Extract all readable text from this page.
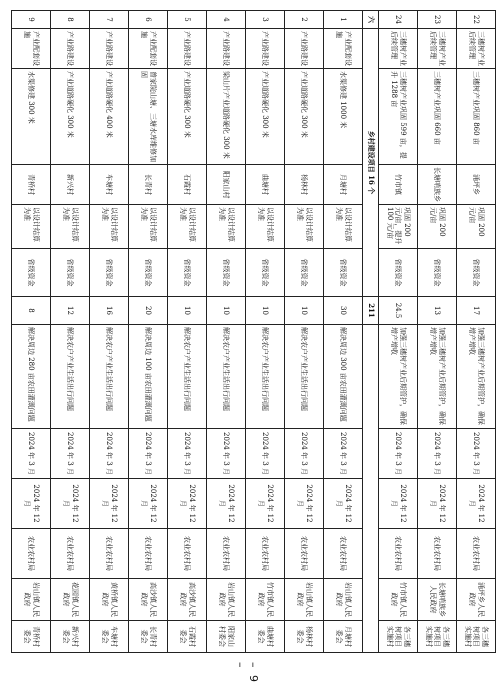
22	三穗树产业后续管理	三穗树产业巩固 860 亩	涌坪乡	巩固 200 元/亩	省级资金	17	加强三穗树产业后期管护，确保增产增收	2024 年 3 月	2024 年 12 月	农业农村局	涌坪乡人民政府	各三穗树项目实施村
23	三穗树产业后续管理	三穗树产业巩固 660 亩	长塘哨族乡	巩固 200 元/亩	省级资金	13	加强三穗树产业后期管护，确保增产增收	2024 年 3 月	2024 年 12 月	农业农村局	长塘哨族乡人民政府	各三穗树项目实施村
24	三穗树产业后续管理	三穗树产业巩固 599 亩，提升 1288 亩	竹市镇	巩固 200 元/亩，提升 100 元/亩	省级资金	24.5	加强三穗树产业后期管护，确保增产增收	2024 年 3 月	2024 年 12 月	农业农村局	竹市镇人民政府	各三穗树项目实施村
六	乡村建设项目 16 个					211						
1	产业配套设施	水渠修建 1000 米	月塘村	以设计结算为准	省级资金	30	解决周边 300 亩农田灌溉问题	2024 年 3 月	2024 年 12 月	农业农村局	岩山镇人民政府	月塘村委会
2	产业路建设	产业道路硬化 300 米	杨林村	以设计结算为准	省级资金	10	解决农户产业生活出行问题	2024 年 3 月	2024 年 12 月	农业农村局	岩山镇人民政府	杨林村委会
3	产业路建设	产业道路硬化 300 米	曲塘村	以设计结算为准	省级资金	10	解决农户产业生活出行问题	2024 年 3 月	2024 年 12 月	农业农村局	竹市镇人民政府	曲塘村委会
4	产业路建设	梁山片产业道路硬化 300 米	阳家山村	以设计结算为准	省级资金	10	解决农户产业生活出行问题	2024 年 3 月	2024 年 12 月	农业农村局	岩山镇人民政府	阳家山村委会
5	产业路建设	产业道路硬化 300 米	石霞村	以设计结算为准	省级资金	10	解决农户产业生活出行问题	2024 年 3 月	2024 年 12 月	农业农村局	高沙镇人民政府	石霞村委会
6	产业配套设施	曾家院山塘、三塘水库维修加固	长青村	以设计结算为准	省级资金	20	解决周边 100 亩农田灌溉问题	2024 年 3 月	2024 年 12 月	农业农村局	高沙镇人民政府	长青村委会
7	产业路建设	产业道路硬化 400 米	车塘村	以设计结算为准	省级资金	16	解决农户产业生活出行问题	2024 年 3 月	2024 年 12 月	农业农村局	黄桥镇人民政府	车塘村委会
8	产业路建设	产业道路硬化 300 米	新兴村	以设计结算为准	省级资金	12	解决农户产业生活出行问题	2024 年 3 月	2024 年 12 月	农业农村局	花园镇人民政府	新兴村委会
9	产业配套设施	水渠修建 300 米	青桥村	以设计结算为准	省级资金	8	解决周边 280 亩农田灌溉问题	2024 年 3 月	2024 年 12 月	农业农村局	岩山镇人民政府	青桥村委会
– 9 –
